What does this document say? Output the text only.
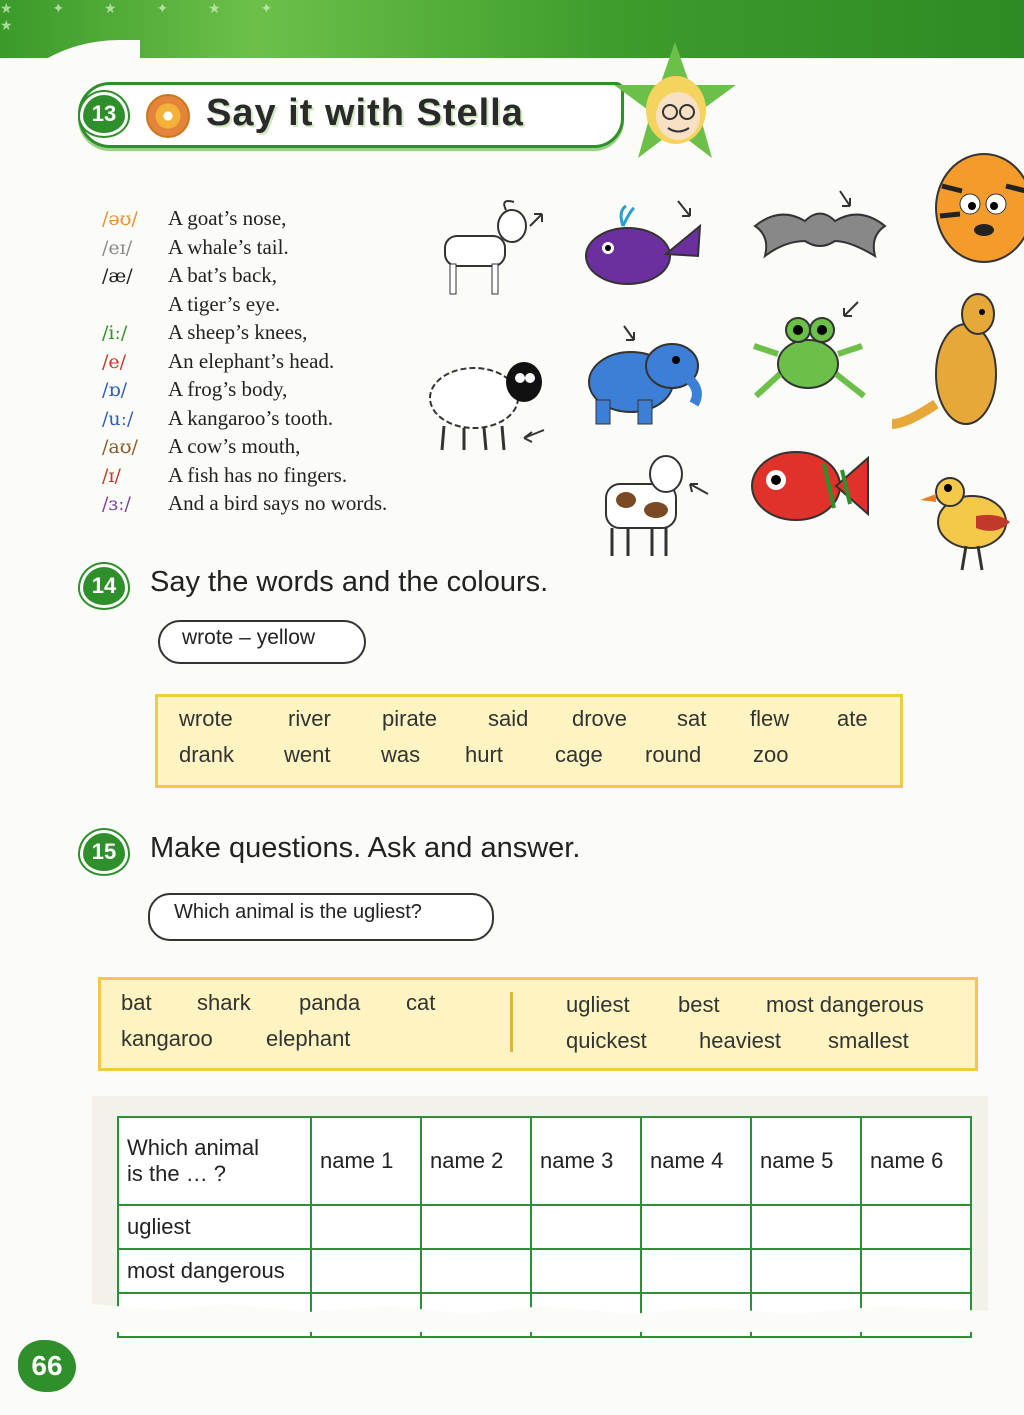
★ ✦ ★ ✦ ★ ✦ ★
13	Say it with Stella
/əʊ/ A goat’s nose,
/eɪ/ A whale’s tail.
/æ/ A bat’s back,
A tiger’s eye.
/iː/ A sheep’s knees,
/e/ An elephant’s head.
/ɒ/ A frog’s body,
/uː/ A kangaroo’s tooth.
/aʊ/ A cow’s mouth,
/ɪ/ A fish has no fingers.
/ɜː/ And a bird says no words.
14	Say the words and the colours.
wrote – yellow
wrote	river pirate said drove sat flew ate
drank went was hurt cage round zoo
15	Make questions. Ask and answer.
Which animal is the ugliest?
bat shark panda cat
kangaroo elephant
ugliest best most dangerous
quickest heaviest smallest
Which animal
is the … ?	name 1	name 2	name 3	name 4	name 5	name 6
ugliest						
most dangerous						

66
